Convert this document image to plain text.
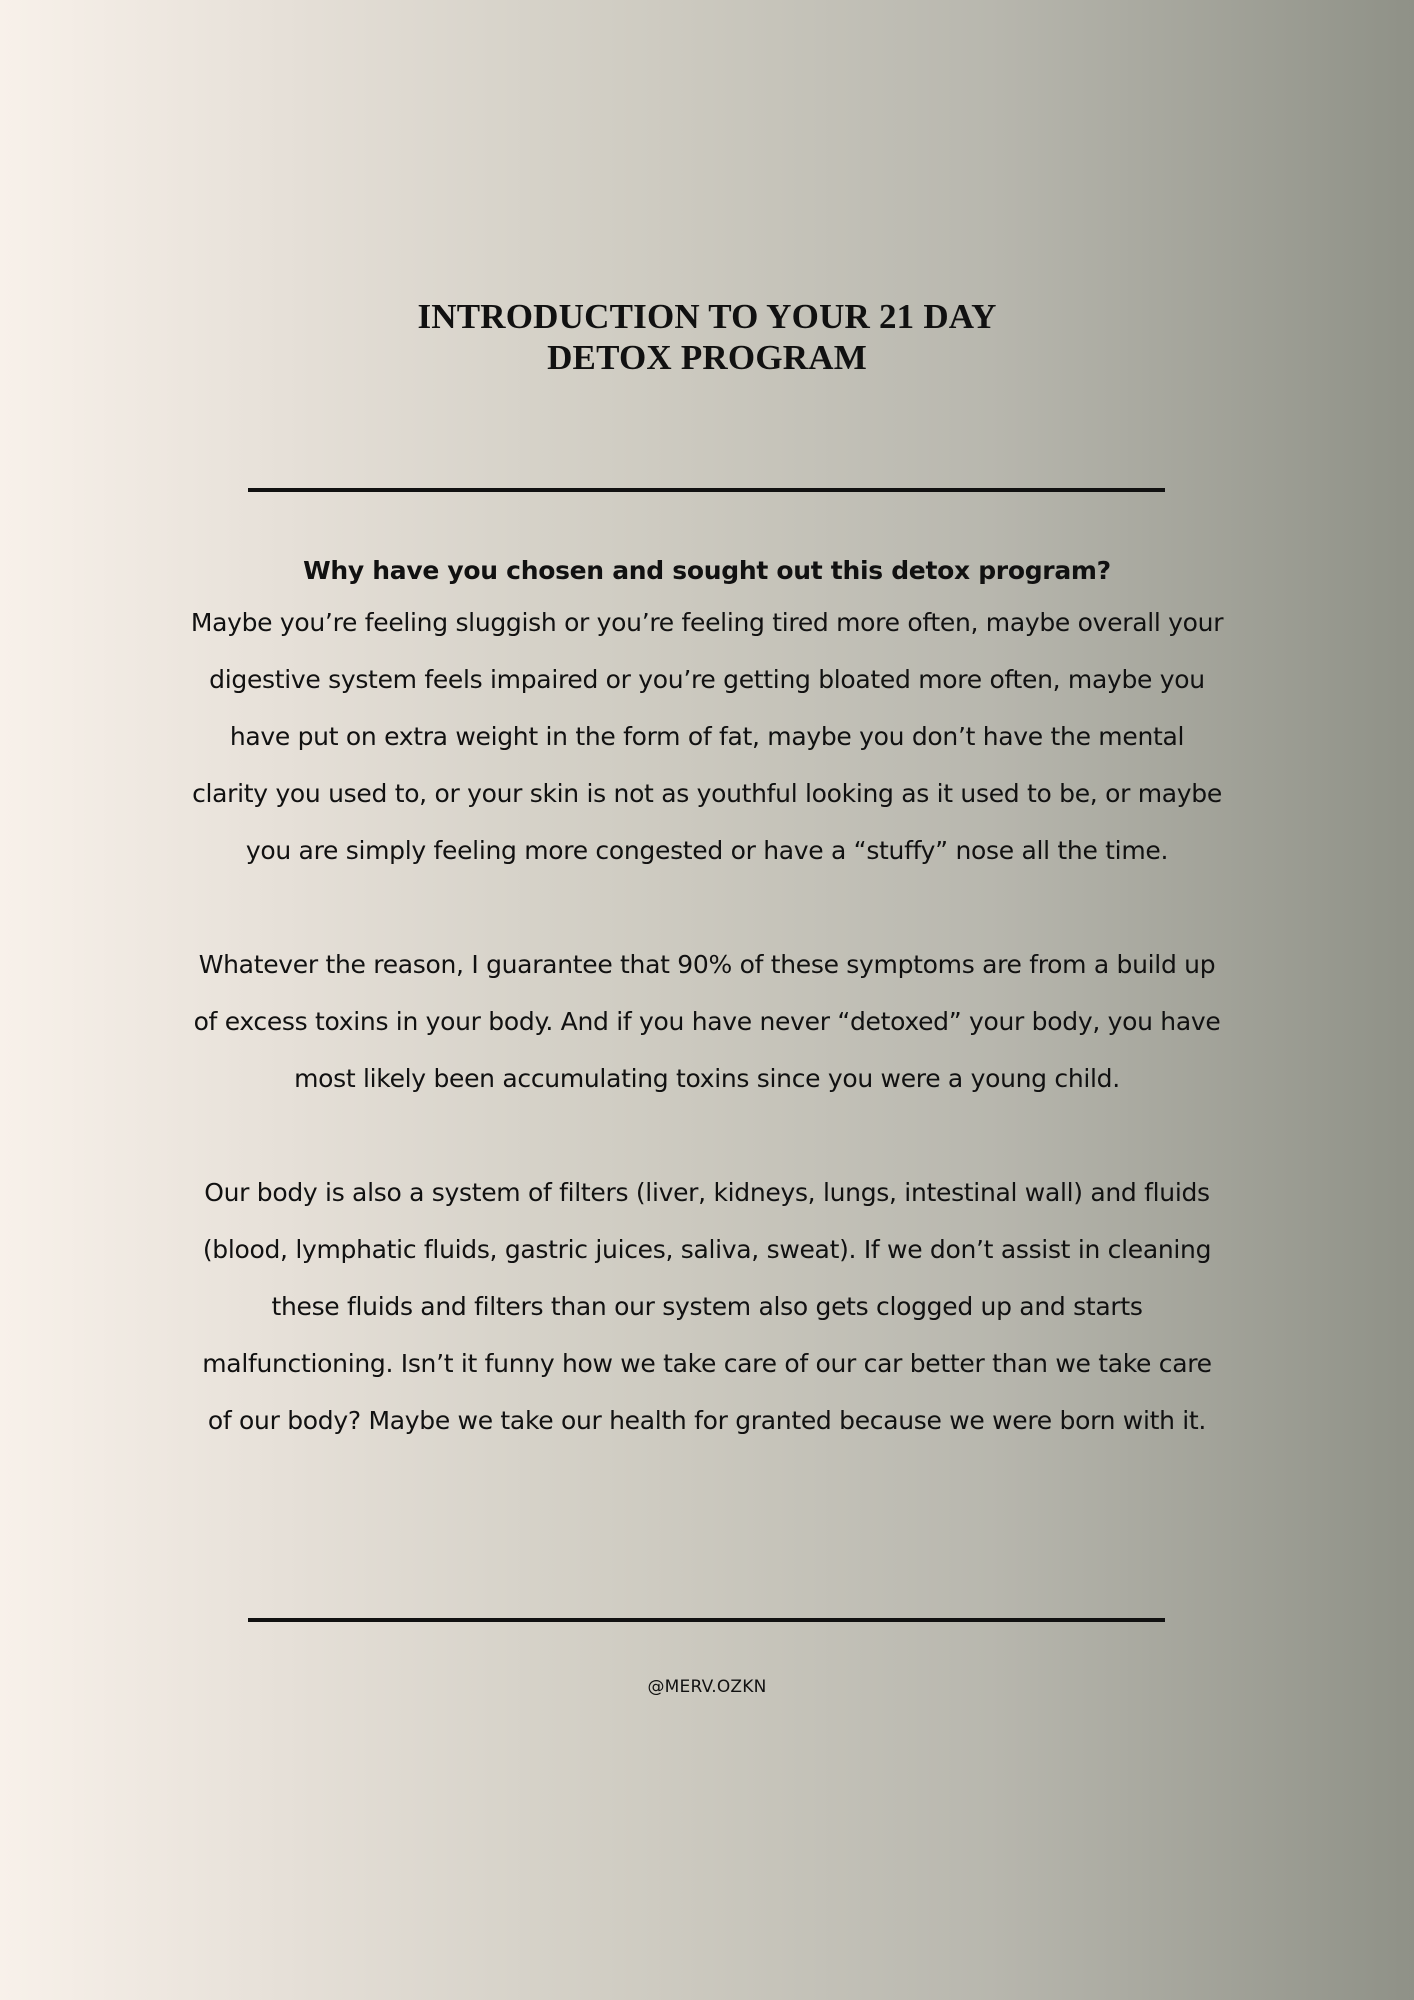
INTRODUCTION TO YOUR 21 DAY
DETOX PROGRAM

Why have you chosen and sought out this detox program?

Maybe you’re feeling sluggish or you’re feeling tired more often, maybe overall your digestive system feels impaired or you’re getting bloated more often, maybe you have put on extra weight in the form of fat, maybe you don’t have the mental clarity you used to, or your skin is not as youthful looking as it used to be, or maybe you are simply feeling more congested or have a “stuffy” nose all the time.

Whatever the reason, I guarantee that 90% of these symptoms are from a build up of excess toxins in your body. And if you have never “detoxed” your body, you have most likely been accumulating toxins since you were a young child.

Our body is also a system of filters (liver, kidneys, lungs, intestinal wall) and fluids (blood, lymphatic fluids, gastric juices, saliva, sweat). If we don’t assist in cleaning these fluids and filters than our system also gets clogged up and starts malfunctioning. Isn’t it funny how we take care of our car better than we take care of our body? Maybe we take our health for granted because we were born with it.

@MERV.OZKN
